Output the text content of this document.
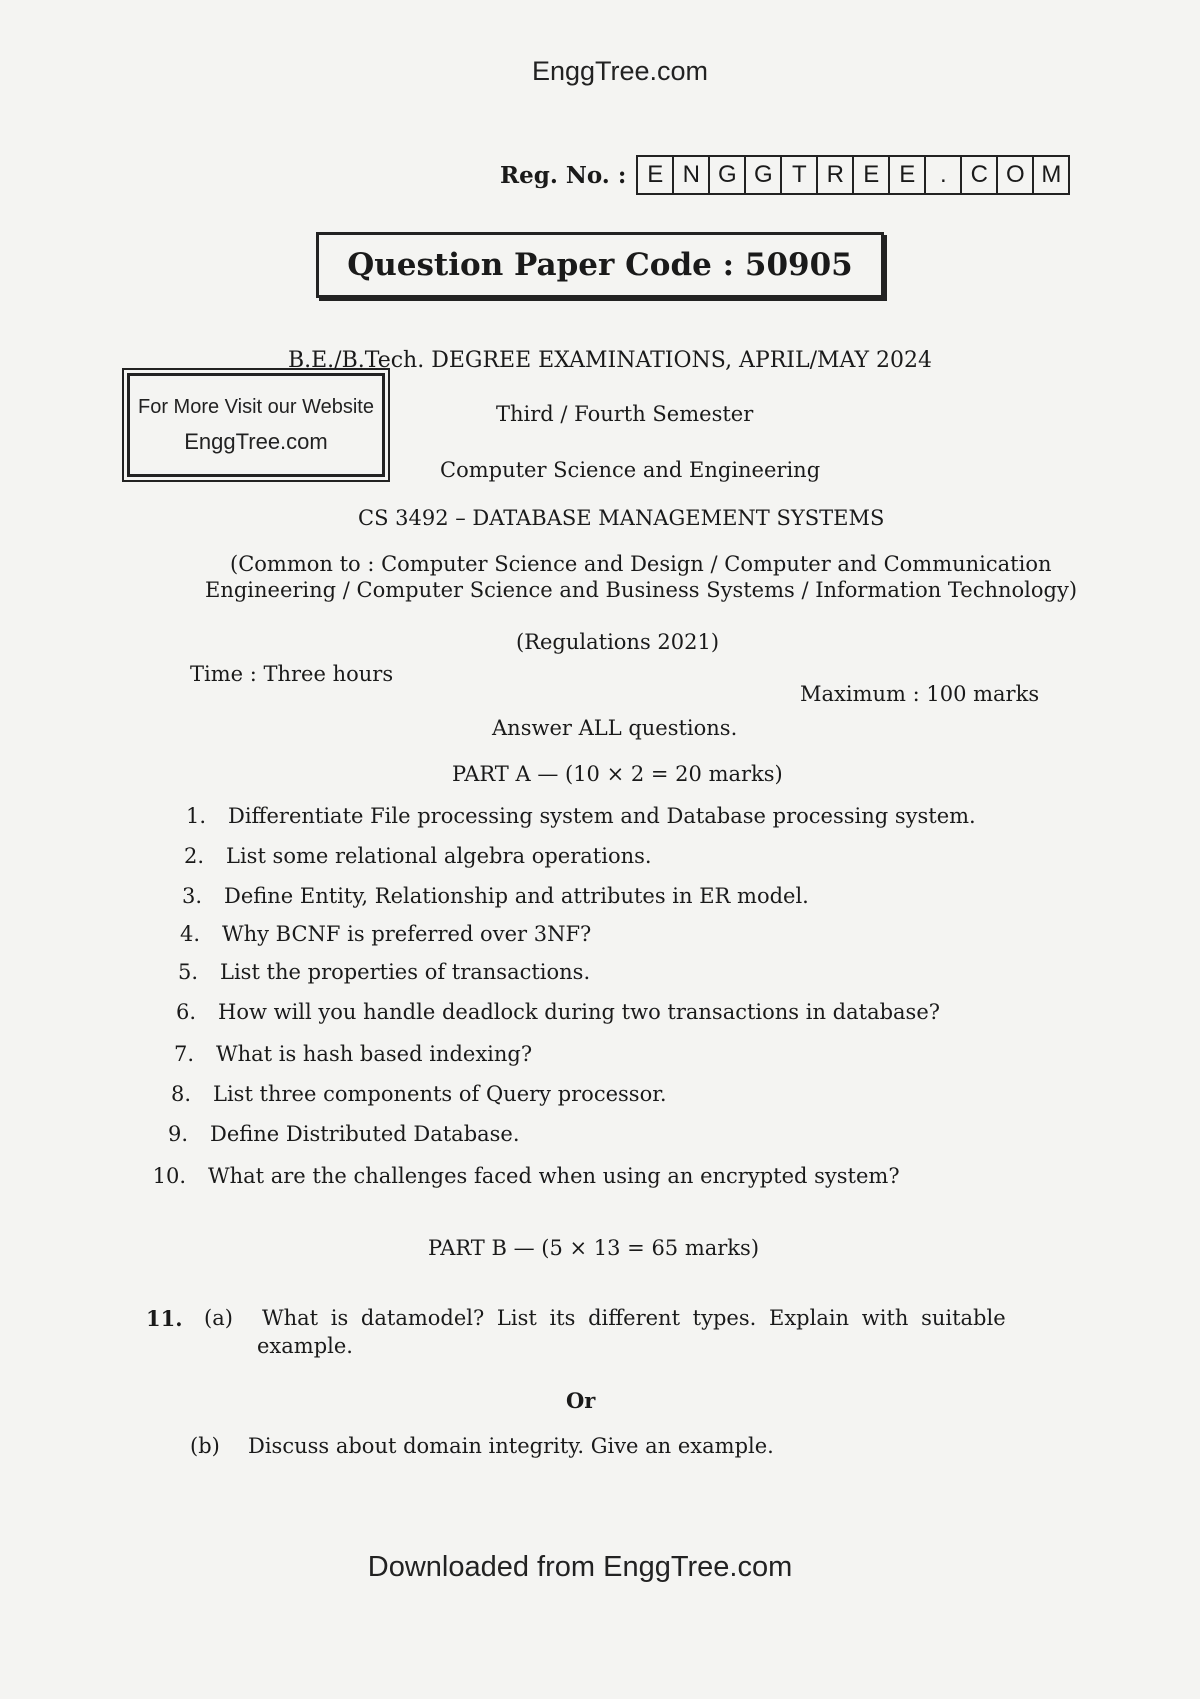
EnggTree.com
Reg. No. : E N G G T R E E	.	C O M
Question Paper Code : 50905
For More Visit our Website
EnggTree.com
B.E./B.Tech. DEGREE EXAMINATIONS, APRIL/MAY 2024
Third / Fourth Semester
Computer Science and Engineering
CS 3492 – DATABASE MANAGEMENT SYSTEMS
(Common to : Computer Science and Design / Computer and Communication
Engineering / Computer Science and Business Systems / Information Technology)
(Regulations 2021)
Time : Three hours
Maximum : 100 marks
Answer ALL questions.
PART A — (10 × 2 = 20 marks)
1. Differentiate File processing system and Database processing system.
2. List some relational algebra operations.
3. Define Entity, Relationship and attributes in ER model.
4. Why BCNF is preferred over 3NF?
5. List the properties of transactions.
6. How will you handle deadlock during two transactions in database?
7. What is hash based indexing?
8. List three components of Query processor.
9. Define Distributed Database.
10. What are the challenges faced when using an encrypted system?
PART B — (5 × 13 = 65 marks)
11. (a) What is datamodel? List its different types. Explain with suitable
example.
Or
(b) Discuss about domain integrity. Give an example.
Downloaded from EnggTree.com
